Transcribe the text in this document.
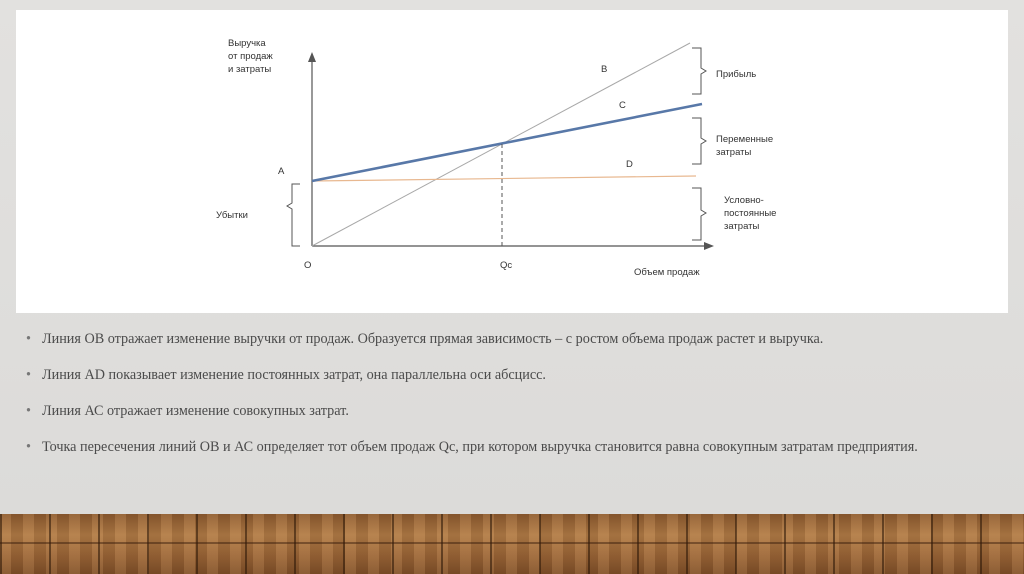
Выручка
от продаж
и затраты
Объем продаж
O
A
B
C
D
Qc
Прибыль
Переменные
затраты
Условно-
постоянные
затраты
Убытки
• Линия ОВ отражает изменение выручки от продаж. Образуется прямая зависимость – с ростом объема продаж растет и выручка.
• Линия AD показывает изменение постоянных затрат, она параллельна оси абсцисс.
• Линия АС отражает изменение совокупных затрат.
• Точка пересечения линий ОВ и АС определяет тот объем продаж Qc, при котором выручка становится равна совокупным затратам предприятия.
